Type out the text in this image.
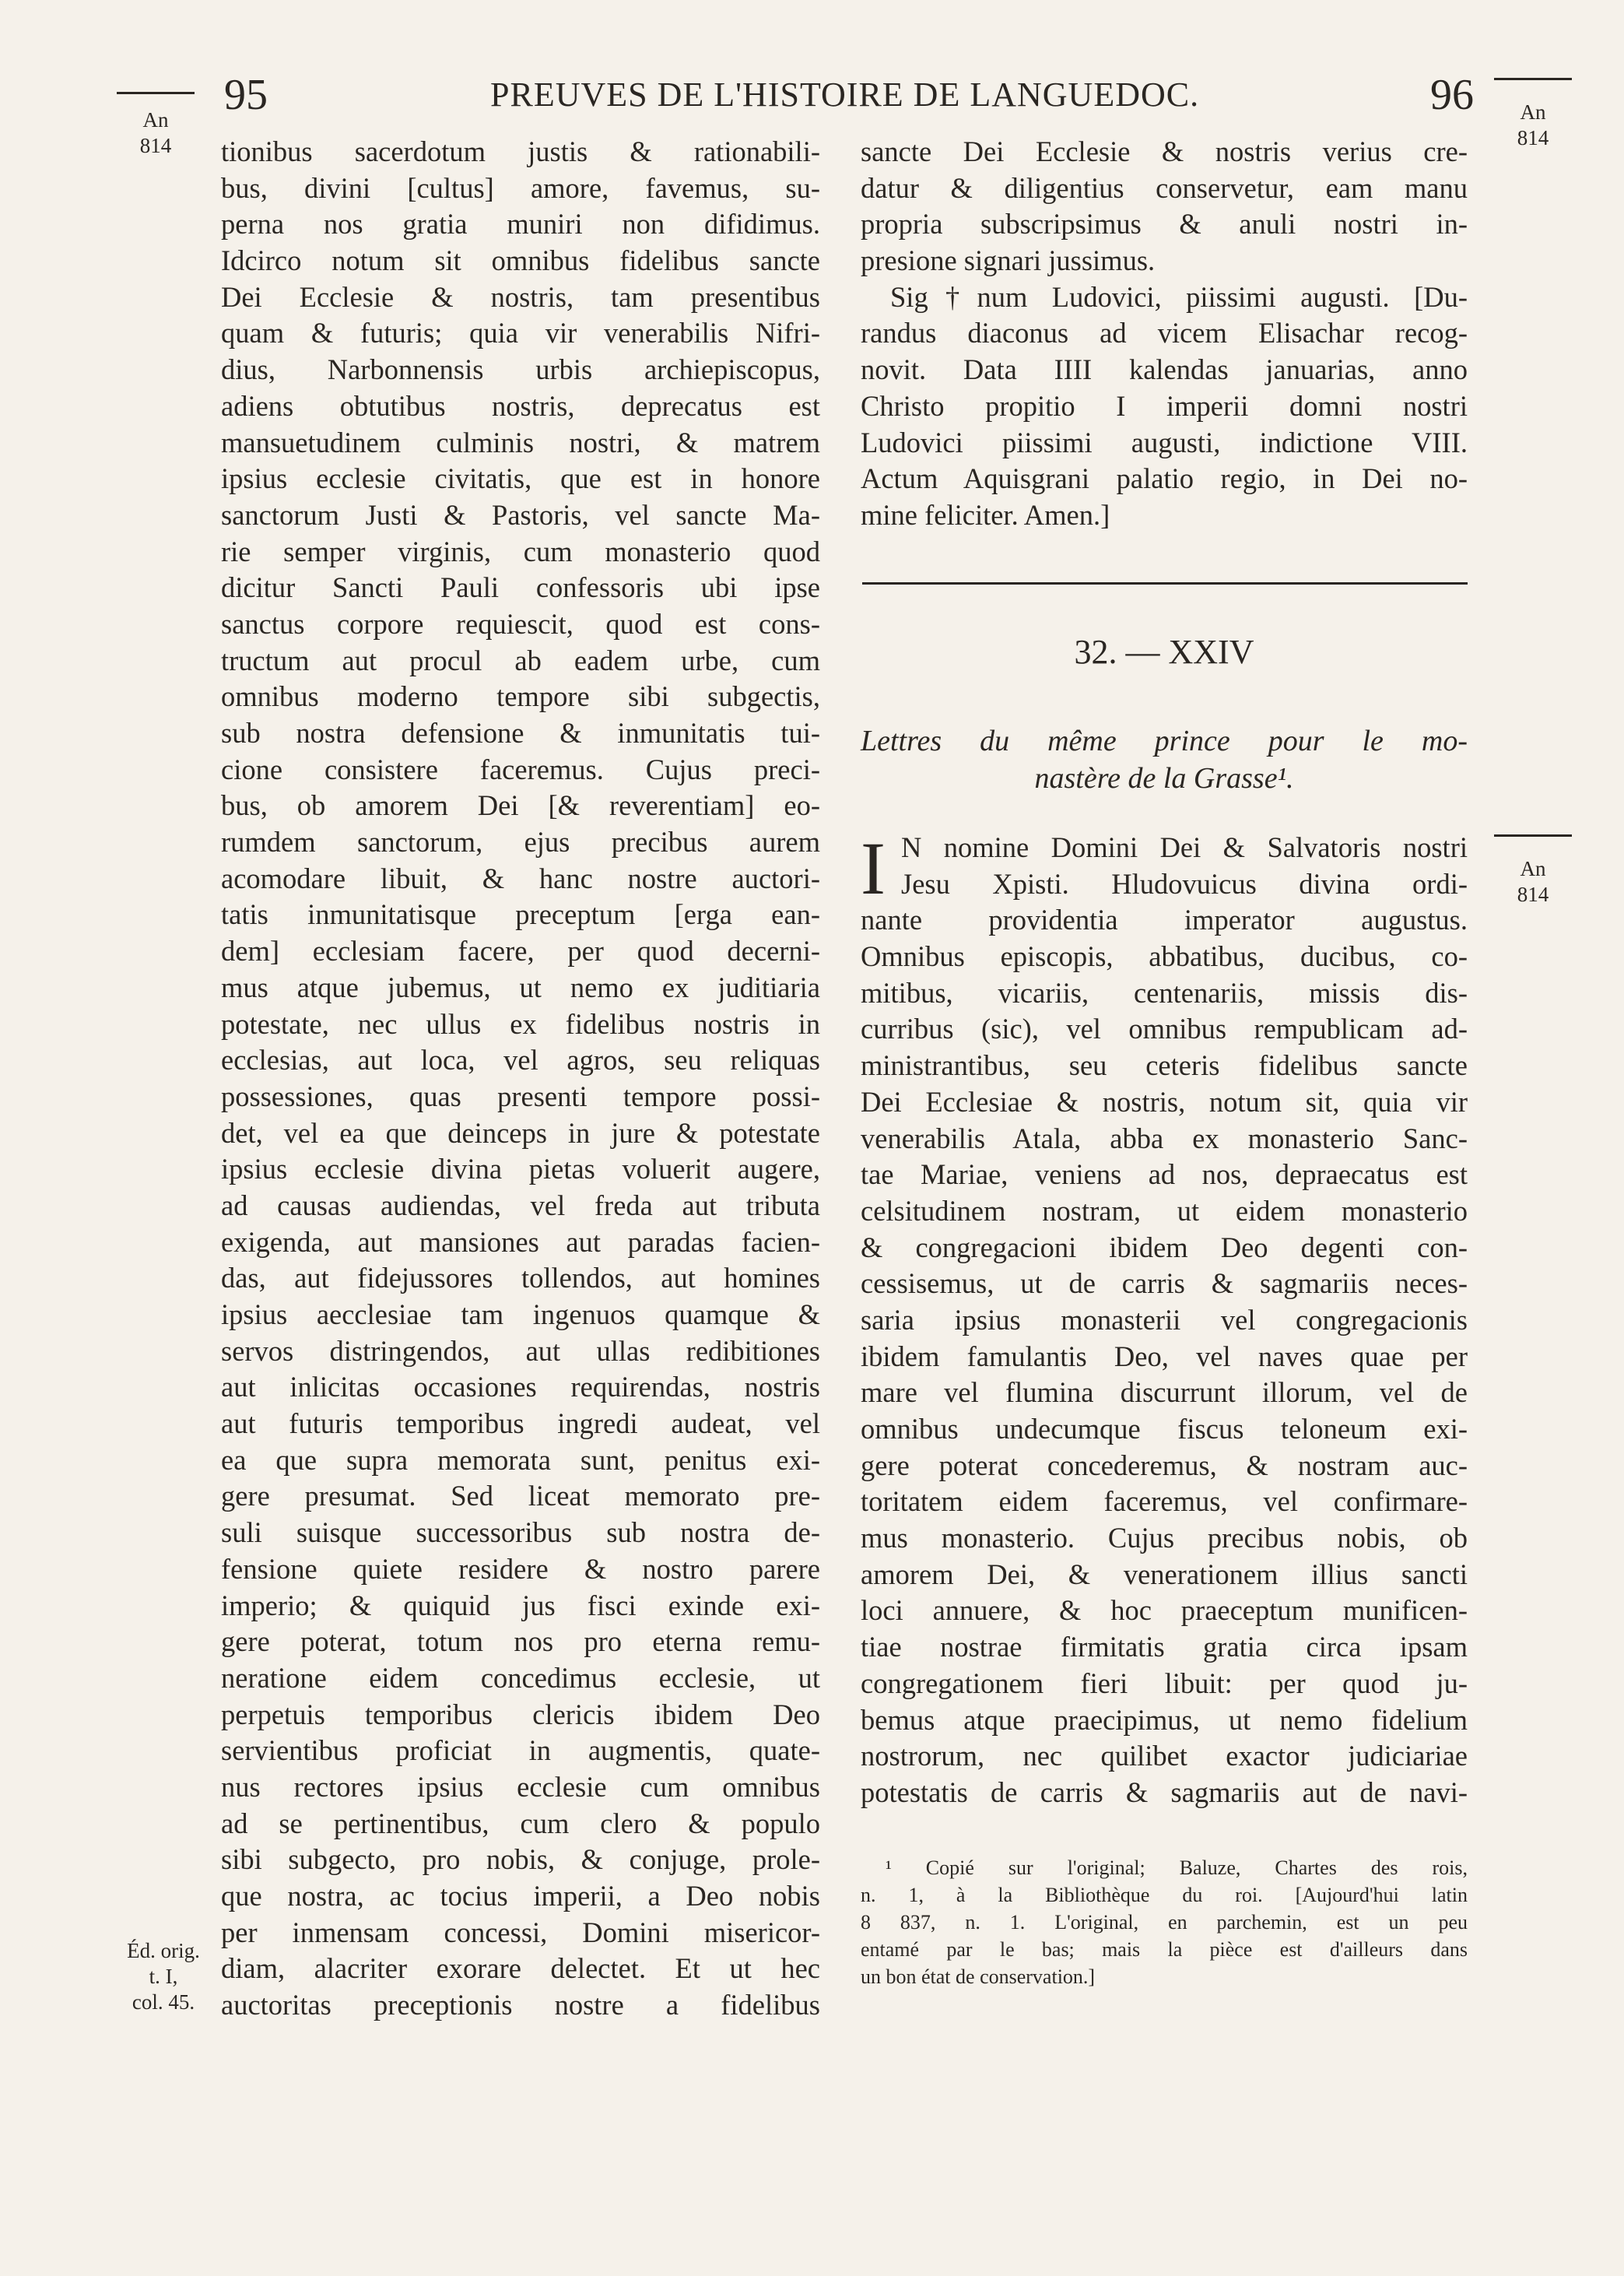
95	PREUVES DE L'HISTOIRE DE LANGUEDOC.	96
An
814
An
814
An
814
Éd. orig.
t. I,
col. 45.
tionibus sacerdotum justis & rationabili-
bus, divini [cultus] amore, favemus, su-
perna nos gratia muniri non difidimus.
Idcirco notum sit omnibus fidelibus sancte
Dei Ecclesie & nostris, tam presentibus
quam & futuris; quia vir venerabilis Nifri-
dius, Narbonnensis urbis archiepiscopus,
adiens obtutibus nostris, deprecatus est
mansuetudinem culminis nostri, & matrem
ipsius ecclesie civitatis, que est in honore
sanctorum Justi & Pastoris, vel sancte Ma-
rie semper virginis, cum monasterio quod
dicitur Sancti Pauli confessoris ubi ipse
sanctus corpore requiescit, quod est cons-
tructum aut procul ab eadem urbe, cum
omnibus moderno tempore sibi subgectis,
sub nostra defensione & inmunitatis tui-
cione consistere faceremus. Cujus preci-
bus, ob amorem Dei [& reverentiam] eo-
rumdem sanctorum, ejus precibus aurem
acomodare libuit, & hanc nostre auctori-
tatis inmunitatisque preceptum [erga ean-
dem] ecclesiam facere, per quod decerni-
mus atque jubemus, ut nemo ex juditiaria
potestate, nec ullus ex fidelibus nostris in
ecclesias, aut loca, vel agros, seu reliquas
possessiones, quas presenti tempore possi-
det, vel ea que deinceps in jure & potestate
ipsius ecclesie divina pietas voluerit augere,
ad causas audiendas, vel freda aut tributa
exigenda, aut mansiones aut paradas facien-
das, aut fidejussores tollendos, aut homines
ipsius aecclesiae tam ingenuos quamque &
servos distringendos, aut ullas redibitiones
aut inlicitas occasiones requirendas, nostris
aut futuris temporibus ingredi audeat, vel
ea que supra memorata sunt, penitus exi-
gere presumat. Sed liceat memorato pre-
suli suisque successoribus sub nostra de-
fensione quiete residere & nostro parere
imperio; & quiquid jus fisci exinde exi-
gere poterat, totum nos pro eterna remu-
neratione eidem concedimus ecclesie, ut
perpetuis temporibus clericis ibidem Deo
servientibus proficiat in augmentis, quate-
nus rectores ipsius ecclesie cum omnibus
ad se pertinentibus, cum clero & populo
sibi subgecto, pro nobis, & conjuge, prole-
que nostra, ac tocius imperii, a Deo nobis
per inmensam concessi, Domini misericor-
diam, alacriter exorare delectet. Et ut hec
auctoritas preceptionis nostre a fidelibus
sancte Dei Ecclesie & nostris verius cre-
datur & diligentius conservetur, eam manu
propria subscripsimus & anuli nostri in-
presione signari jussimus.
Sig†num Ludovici, piissimi augusti. [Du-
randus diaconus ad vicem Elisachar recog-
novit. Data IIII kalendas januarias, anno
Christo propitio I imperii domni nostri
Ludovici piissimi augusti, indictione VIII.
Actum Aquisgrani palatio regio, in Dei no-
mine feliciter. Amen.]
32. — XXIV
Lettres du même prince pour le mo-
nastère de la Grasse¹.
I N nomine Domini Dei & Salvatoris nostri
Jesu Xpisti. Hludovuicus divina ordi-
nante providentia imperator augustus.
Omnibus episcopis, abbatibus, ducibus, co-
mitibus, vicariis, centenariis, missis dis-
curribus (sic), vel omnibus rempublicam ad-
ministrantibus, seu ceteris fidelibus sancte
Dei Ecclesiae & nostris, notum sit, quia vir
venerabilis Atala, abba ex monasterio Sanc-
tae Mariae, veniens ad nos, depraecatus est
celsitudinem nostram, ut eidem monasterio
& congregacioni ibidem Deo degenti con-
cessisemus, ut de carris & sagmariis neces-
saria ipsius monasterii vel congregacionis
ibidem famulantis Deo, vel naves quae per
mare vel flumina discurrunt illorum, vel de
omnibus undecumque fiscus teloneum exi-
gere poterat concederemus, & nostram auc-
toritatem eidem faceremus, vel confirmare-
mus monasterio. Cujus precibus nobis, ob
amorem Dei, & venerationem illius sancti
loci annuere, & hoc praeceptum munificen-
tiae nostrae firmitatis gratia circa ipsam
congregationem fieri libuit: per quod ju-
bemus atque praecipimus, ut nemo fidelium
nostrorum, nec quilibet exactor judiciariae
potestatis de carris & sagmariis aut de navi-
¹ Copié sur l'original; Baluze, Chartes des rois,
n. 1, à la Bibliothèque du roi. [Aujourd'hui latin
8 837, n. 1. L'original, en parchemin, est un peu
entamé par le bas; mais la pièce est d'ailleurs dans
un bon état de conservation.]
